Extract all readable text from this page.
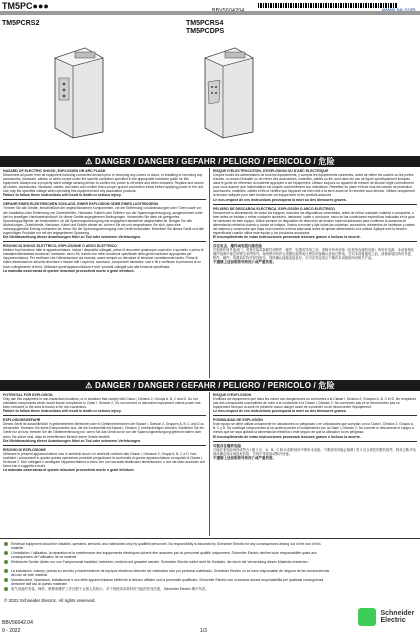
TM5PC●●●
TM5PCRS2	TM5PCRS4
TM5PCDPS
⚠ DANGER / DANGER / GEFAHR / PELIGRO / PERICOLO / 危险
HAZARD OF ELECTRIC SHOCK, EXPLOSION OR ARC FLASH
Disconnect all power from all equipment including connected devices prior to removing any covers or doors, or installing or removing any accessories, hardware, cables, or wires except under the specific conditions specified in the appropriate hardware guide for this equipment. Always use a properly rated voltage sensing device to confirm the power is off where and when indicated. Replace and secure all covers, accessories, hardware, cables, and wires and confirm that a proper ground connection exists before applying power to the unit. Use only the specified voltage when operating this equipment and any associated products.
Failure to follow these instructions will result in death or serious injury.
GEFAHR EINES ELEKTRISCHEN SCHLAGS, EINER EXPLOSION ODER EINES LICHTBOGENS
Trennen Sie alle Geräte, einschließlich der angeschlossenen Komponenten, vor der Entfernung von Abdeckungen oder Türen sowie vor der Installation oder Entfernung von Zubehörteilen, Hardware, Kabeln oder Drähten von der Spannungsversorgung, ausgenommen unter den im jeweiligen Hardwarehandbuch für dieser Geräte angegebenen Bedingungen. Verwenden Sie stets ein geeignetes Spannungsprüfgerät, um festzustellen, ob die Spannungsversorgung wie angegeben tatsächlich abgeschaltet ist. Bringen Sie alle Abdeckungen, Zubehörteile, Hardware, Kabel und Drähte wieder an, sichern Sie sie und vergewissern Sie sich, dass eine ordnungsgemäße Erdung vorhanden ist, bevor Sie die Spannungsversorgung zum Gerät einschalten. Betreiben Sie dieses Gerät und alle zugehörigen Produkte nur mit der angegebenen Spannung.
Die Nichtbeachtung dieser Anweisungen führt zu Tod oder schweren Verletzungen.
RISCHIO DI SHOCK ELETTRICO, ESPLOSIONE O ARCO ELETTRICO
Mettere fuori tensione tutte le apparecchiature, inclusi i dispositivi collegati, prima di rimuovere qualunque coperchio o sportello o prima di installare/disinstallare accessori, hardware, cavi o fili, tranne che nelle condizioni specificate nella guida hardware appropriata per l'apparecchiatura. Per verificare che l'alimentazione sia esclusa, usare sempre un rilevatore di tensione correttamente tarato. Prima di ridare alimentazione all'unità rimontare e fissare tutti i coperchi, accessori, componenti hardware, cavi e fili e verificare la presenza di un buon collegamento di terra. Utilizzare quest'apparecchiatura e tutti i prodotti collegati solo alla tensione specificata.
La mancata osservanza di queste istruzioni provocherà morte o gravi infortuni.
RISQUE D'ÉLECTROCUTION, D'EXPLOSION OU D'ARC ÉLECTRIQUE
Coupez toutes les alimentations de tous les équipements, y compris les équipements connectés, avant de retirer les caches ou les portes d'accès, ou avant d'installer ou de retirer des accessoires, matériels, câbles ou fils, sauf dans les cas de figure spécifiquement indiqués dans le guide de référence du matériel approprié à cet équipement. Utilisez toujours un appareil de mesure de tension réglé correctement pour vous assurer que l'alimentation est coupée conformément aux indications. Remettez en place et fixez tous les caches de protection, accessoires, matériels, câbles et fils et vérifiez que l'appareil est bien relié à la terre avant de le remettre sous tension. Utilisez uniquement la tension indiquée pour faire fonctionner cet équipement et les produits associés.
Le non-respect de ces instructions provoquera la mort ou des blessures graves.
PELIGRO DE DESCARGA ELÉCTRICA, EXPLOSIÓN O ARCO ELÉCTRICO
Desconecte la alimentación de todos los equipos, incluidos los dispositivos conectados, antes de retirar cualquier cubierta o compuerta, o bien antes de instalar o retirar cualquier accesorio, hardware, cable o conductor, salvo en las condiciones específicas indicadas en la guía de hardware de este equipo. Utilice siempre un dispositivo de detección de tensión nominal adecuado para confirmar la ausencia de alimentación eléctrica cuando y donde se indique. Vuelva a montar y fijar todas las cubiertas, accesorios, elementos de hardware y cables del sistema y compruebe que haya una conexión a tierra adecuada antes de aplicar alimentación a la unidad. Aplique sólo la tensión especificada cuando utilice este equipo y los productos asociados.
El incumplimiento de estas instrucciones provocará lesiones graves o incluso la muerte.
存在电击、爆炸或电弧闪烁危险
在拆除任何外盖或门，或者安装或拆除任何附件、硬件、电缆或导线之前，请断开所有设备（包括所连接的设备）的所有电源，本设备相应硬件指南中规定的特定条件除外。始终使用具有合适额定值的电压感应设备确认设备已断电。在对本设备通电之前，请重新装回所有外盖、附件、硬件、电缆和导线并将其固定，同时确认接地连接良好。仅可在指定电压下操作本设备和所有相关产品。
不遵循上述说明将导致死亡或严重伤害。
⚠ DANGER / DANGER / GEFAHR / PELIGRO / PERICOLO / 危险
POTENTIAL FOR EXPLOSION
Only use this equipment in non-hazardous locations, or in locations that comply with Class I, Division 2, Groups A, B, C and D. Do not substitute components which would impair compliance to Class I, Division 2. Do not connect or disconnect equipment unless power has been removed or the area is known to be non-hazardous.
Failure to follow these instructions will result in death or serious injury.
EXPLOSIONSGEFAHR
Dieses Gerät ist ausschließlich in gefahrenfreien Bereichen oder in Gefahrenbereichen der Klasse I, Division 2, Gruppen A, B, C und D zu verwenden. Ersetzen Sie keine Komponenten aus, die die Konformität mit Klasse I, Division 2, beeinträchtigen könnten. Schließen Sie ein Gerät nur an bzw. trennen Sie die Geräteverbindung nur, wenn Sie das Gerät zuvor von der Spannungsversorgung getrennt haben oder wenn Sie sicher sind, dass im betreffenden Bereich keine Gefahr besteht.
Die Nichtbeachtung dieser Anweisungen führt zu Tod oder schweren Verletzungen.
RISCHIO DI ESPLOSIONE
Utilizzare le presenti apparecchiature solo in ambienti sicuri o in ambienti conformi alla Classe I, Divisione 2, Gruppi A, B, C e D. Non sostituire i componenti in quanto questa operazione potrebbe pregiudicare la conformità di queste apparecchiature ai requisiti di Classe I, Divisione 2. Non collegare o scollegare l'apparecchiatura a meno che non sia stata disattivata l'alimentazione o non sia stato accertato che l'area non è soggetta a rischi.
La mancata osservanza di queste istruzioni provocherà morte o gravi infortuni.
RISQUE D'EXPLOSION
N'utilisez cet équipement que dans les zones non dangereuses ou conformes à la Classe I, Division 2, Groupes A, B, C et D. Ne remplacez pas des composants susceptibles de nuire à la conformité à la Classe I, Division 2. Ne connectez pas et ne déconnectez pas un équipement tant que la zone ne présente aucun danger avant de connecter ou de déconnecter l'équipement.
Le non-respect de ces instructions provoquera la mort ou des blessures graves.
POSIBILIDAD DE EXPLOSIÓN
Este equipo se debe utilizar únicamente en ubicaciones no peligrosas o en ubicaciones que cumplan con la Clase I, División 2, Grupos A, B, C y D. No sustituya componentes si se pudiera perder el cumplimiento con la Clase I, División 2. No conecte ni desconecte el equipo a menos que se haya quitado la alimentación eléctrica o esté seguro de que la ubicación no es peligrosa.
El incumplimiento de estas instrucciones provocará lesiones graves o incluso la muerte.
可能存在爆炸危险
只能在非危险场所或符合 I 级 2 区、A、B、C 和 D 组的场所中使用本设备。不要使用可能会削弱 I 类 2 区合规性的替代组件。除非已断开电源或确定该区域没有危险，否则不得连接或断开设备。
不遵循上述说明将导致死亡或严重伤害。
Electrical equipment should be installed, operated, serviced, and maintained only by qualified personnel. No responsibility is assumed by Schneider Electric for any consequences arising out of the use of this material.
L'installation, l'utilisation, la réparation et la maintenance des équipements électriques doivent être assurées par du personnel qualifié uniquement. Schneider Electric décline toute responsabilité quant aux conséquences de l'utilisation de ce matériel.
Elektrische Geräte dürfen nur von Fachpersonal installiert, betrieben, bedient und gewartet werden. Schneider Electric haftet nicht für Schäden, die durch die Verwendung dieses Materials entstehen.
La instalación, manejo, puesta en servicio y mantenimiento de equipos eléctricos deberán ser realizados sólo por personal cualificado. Schneider Electric no se hace responsable de ninguna de las consecuencias del uso de este material.
Manutenzione, riparazioni, installazione e uso delle apparecchiature elettriche si devono affidare solo a personale qualificato. Schneider Electric non si assume alcuna responsabilità per qualsiasi conseguenza derivante dall'uso di questo materiale.
电气设备的安装、操作、维修和维护工作仅限于合格人员执行。对于因使用本资料所引起的任何后果，Schneider Electric 概不负责。
© 2022 Schneider Electric. All rights reserved.
BBV56042.04
9 - 2022	1/3
Schneider
Electric
